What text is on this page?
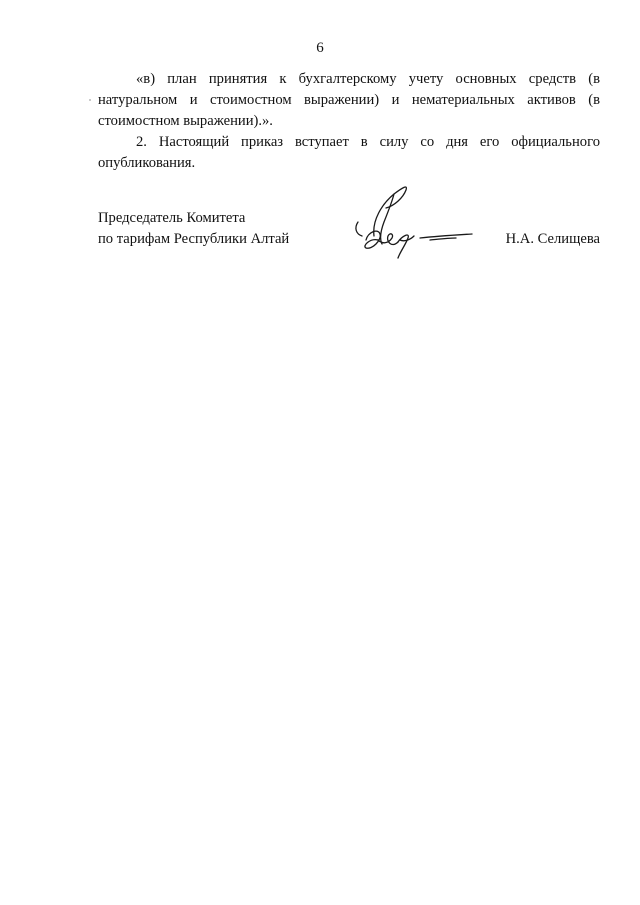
6

«в) план принятия к бухгалтерскому учету основных средств (в натуральном и стоимостном выражении) и нематериальных активов (в стоимостном выражении).».

2. Настоящий приказ вступает в силу со дня его официального опубликования.

Председатель Комитета
по тарифам Республики Алтай	Н.А. Селищева
